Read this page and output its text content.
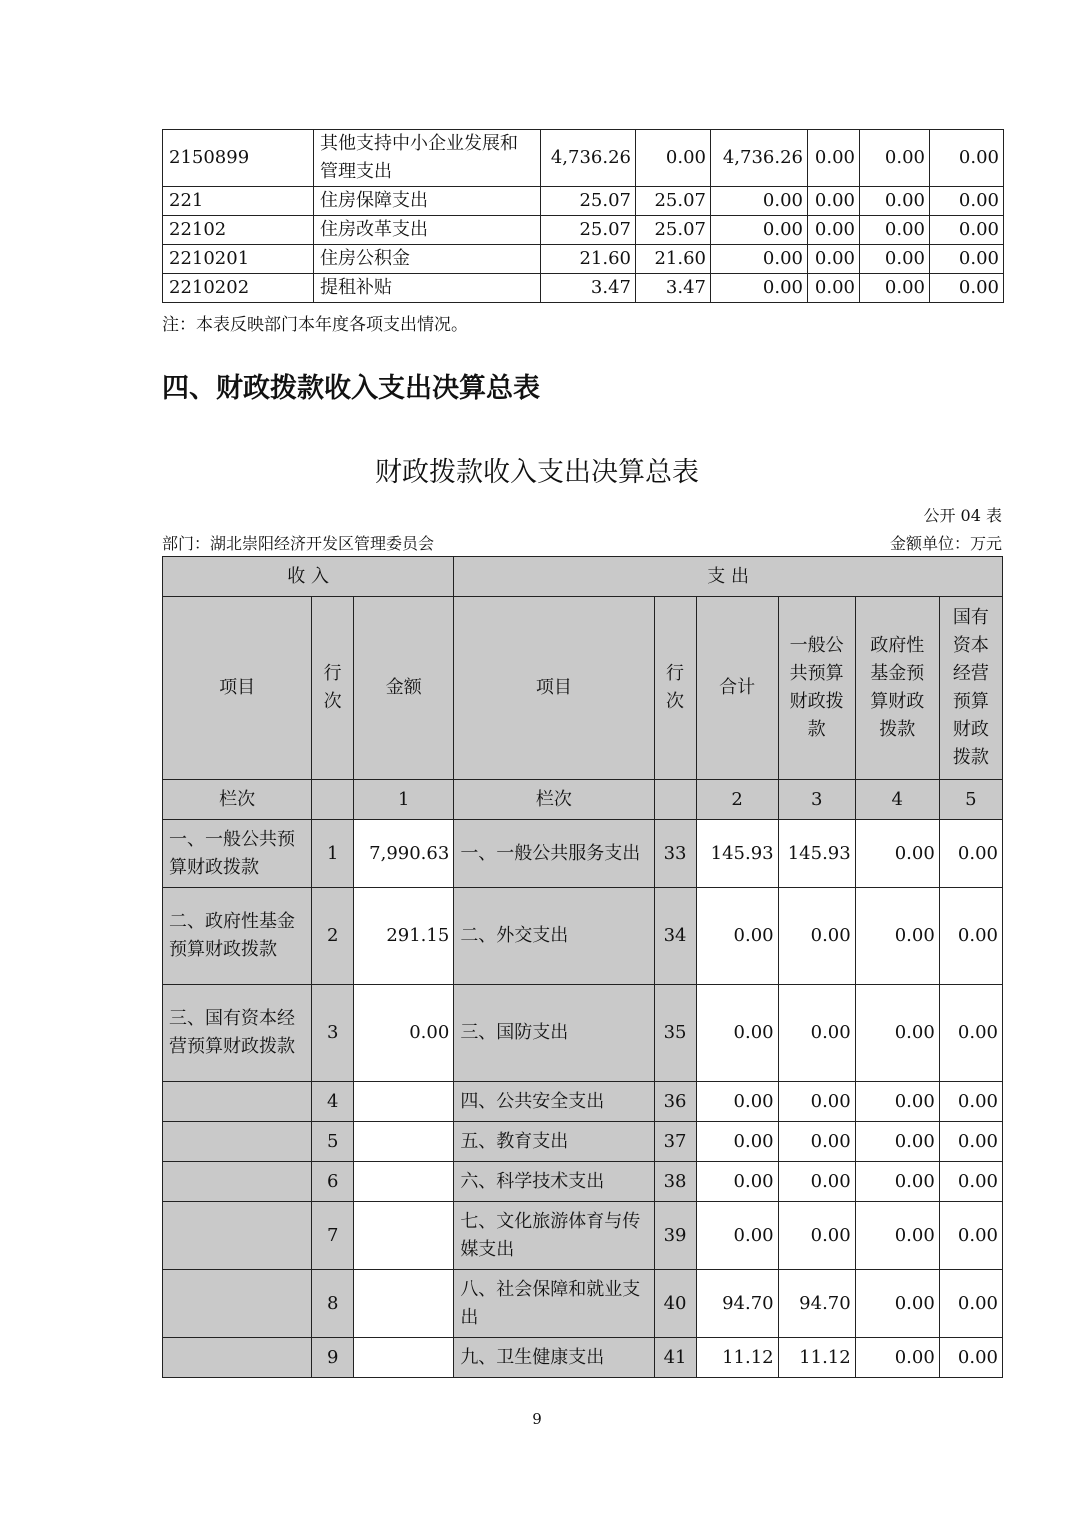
2150899	其他支持中小企业发展和管理支出	4,736.26	0.00	4,736.26	0.00	0.00	0.00
221	住房保障支出	25.07	25.07	0.00	0.00	0.00	0.00
22102	住房改革支出	25.07	25.07	0.00	0.00	0.00	0.00
2210201	住房公积金	21.60	21.60	0.00	0.00	0.00	0.00
2210202	提租补贴	3.47	3.47	0.00	0.00	0.00	0.00
注：本表反映部门本年度各项支出情况。
四、财政拨款收入支出决算总表
财政拨款收入支出决算总表
公开 04 表
部门：湖北崇阳经济开发区管理委员会	金额单位：万元
收 入			支 出					
项目	行次	金额	项目	行次	合计	一般公共预算财政拨款	政府性基金预算财政拨款	国有资本经营预算财政拨款
栏次		1	栏次		2	3	4	5
一、一般公共预算财政拨款	1	7,990.63	一、一般公共服务支出	33	145.93	145.93	0.00	0.00
二、政府性基金预算财政拨款	2	291.15	二、外交支出	34	0.00	0.00	0.00	0.00
三、国有资本经营预算财政拨款	3	0.00	三、国防支出	35	0.00	0.00	0.00	0.00
	4		四、公共安全支出	36	0.00	0.00	0.00	0.00
	5		五、教育支出	37	0.00	0.00	0.00	0.00
	6		六、科学技术支出	38	0.00	0.00	0.00	0.00
	7		七、文化旅游体育与传媒支出	39	0.00	0.00	0.00	0.00
	8		八、社会保障和就业支出	40	94.70	94.70	0.00	0.00
	9		九、卫生健康支出	41	11.12	11.12	0.00	0.00
9
